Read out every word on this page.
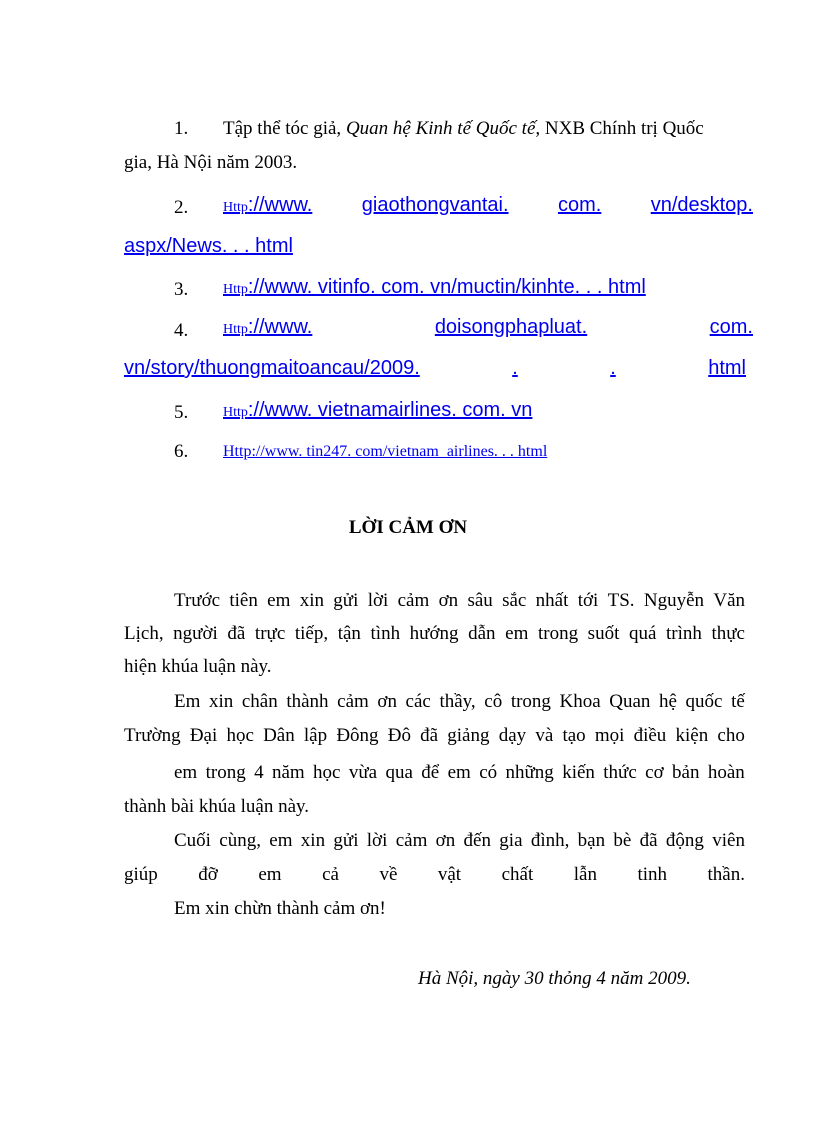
1. Tập thể tóc giả, Quan hệ Kinh tế Quốc tế, NXB Chính trị Quốc
gia, Hà Nội năm 2003.
2. Http://www. giaothongvantai. com. vn/desktop.
aspx/News. . . html
3. Http://www. vitinfo. com. vn/muctin/kinhte. . . html
4. Http://www.	doisongphapluat.	com.
vn/story/thuongmaitoancau/2009.	.	.	html
5. Http://www. vietnamairlines. com. vn
6. Http://www. tin247. com/vietnam_airlines. . . html
LỜI CẢM ƠN
Trước tiên em xin gửi lời cảm ơn sâu sắc nhất tới TS. Nguyễn Văn
Lịch, người đã trực tiếp, tận tình hướng dẫn em trong suốt quá trình thực
hiện khúa luận này.
Em xin chân thành cảm ơn các thầy, cô trong Khoa Quan hệ quốc tế
Trường Đại học Dân lập Đông Đô đã giảng dạy và tạo mọi điều kiện cho
em trong 4 năm học vừa qua để em có những kiến thức cơ bản hoàn
thành bài khúa luận này.
Cuối cùng, em xin gửi lời cảm ơn đến gia đình, bạn bè đã động viên
giúp đỡ em cả về vật chất lẫn tinh thần.
Em xin chừn thành cảm ơn!
Hà Nội, ngày 30 thỏng 4 năm 2009.
